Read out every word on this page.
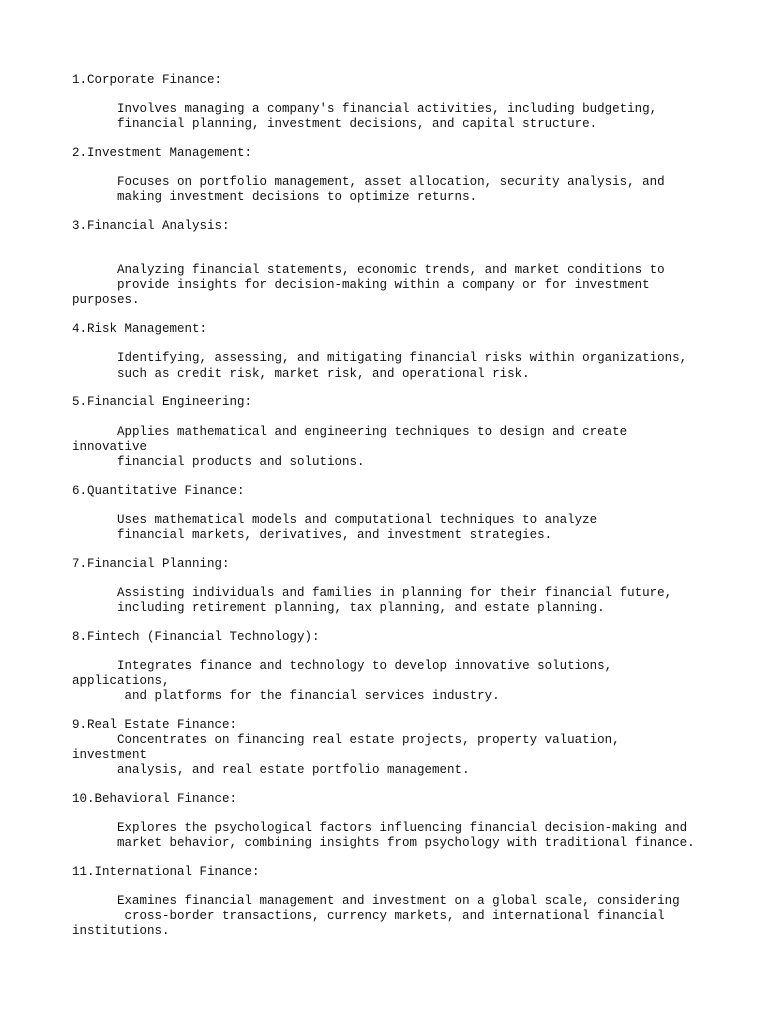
1.Corporate Finance:
Involves managing a company's financial activities, including budgeting,
financial planning, investment decisions, and capital structure.
2.Investment Management:
Focuses on portfolio management, asset allocation, security analysis, and
making investment decisions to optimize returns.
3.Financial Analysis:
Analyzing financial statements, economic trends, and market conditions to
provide insights for decision-making within a company or for investment
purposes.
4.Risk Management:
Identifying, assessing, and mitigating financial risks within organizations,
such as credit risk, market risk, and operational risk.
5.Financial Engineering:
Applies mathematical and engineering techniques to design and create
innovative
financial products and solutions.
6.Quantitative Finance:
Uses mathematical models and computational techniques to analyze
financial markets, derivatives, and investment strategies.
7.Financial Planning:
Assisting individuals and families in planning for their financial future,
including retirement planning, tax planning, and estate planning.
8.Fintech (Financial Technology):
Integrates finance and technology to develop innovative solutions,
applications,
and platforms for the financial services industry.
9.Real Estate Finance:
Concentrates on financing real estate projects, property valuation,
investment
analysis, and real estate portfolio management.
10.Behavioral Finance:
Explores the psychological factors influencing financial decision-making and
market behavior, combining insights from psychology with traditional finance.
11.International Finance:
Examines financial management and investment on a global scale, considering
cross-border transactions, currency markets, and international financial
institutions.
